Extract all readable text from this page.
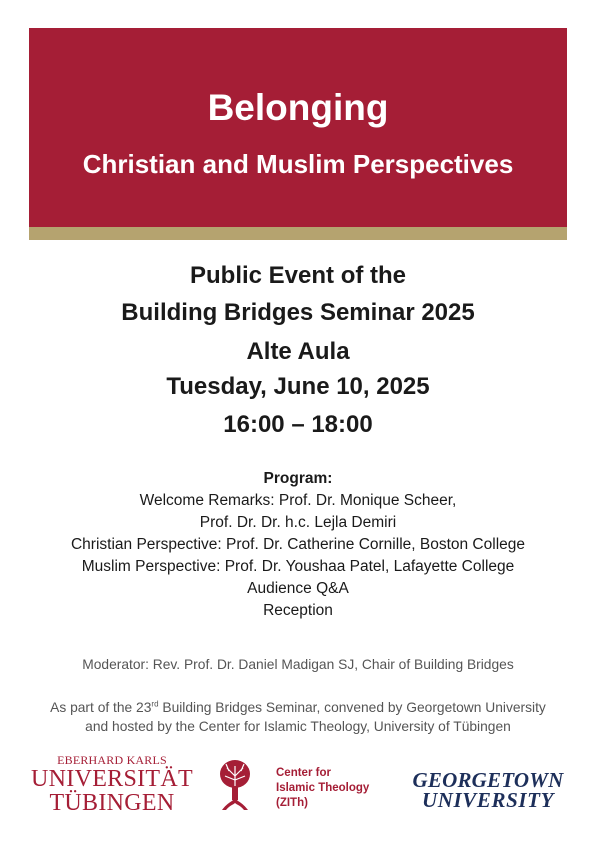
Belonging
Christian and Muslim Perspectives
Public Event of the
Building Bridges Seminar 2025
Alte Aula
Tuesday, June 10, 2025
16:00 – 18:00
Program:
Welcome Remarks: Prof. Dr. Monique Scheer,
Prof. Dr. Dr. h.c. Lejla Demiri
Christian Perspective: Prof. Dr. Catherine Cornille, Boston College
Muslim Perspective: Prof. Dr. Youshaa Patel, Lafayette College
Audience Q&A
Reception
Moderator: Rev. Prof. Dr. Daniel Madigan SJ, Chair of Building Bridges
As part of the 23rd Building Bridges Seminar, convened by Georgetown University and hosted by the Center for Islamic Theology, University of Tübingen
EBERHARD KARLS
UNIVERSITÄT
TÜBINGEN
Center for
Islamic Theology
(ZITh)
GEORGETOWN
UNIVERSITY
